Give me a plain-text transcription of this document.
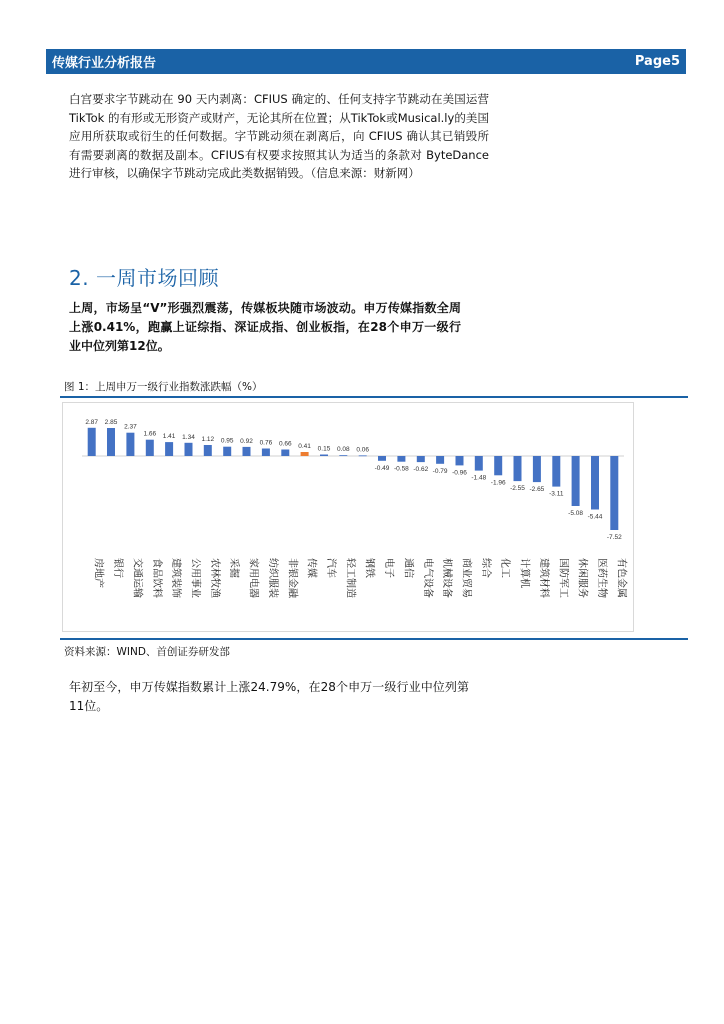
传媒行业分析报告	Page5

白宫要求字节跳动在 90 天内剥离：CFIUS 确定的、任何支持字节跳动在美国运营 TikTok 的有形或无形资产或财产，无论其所在位置；从TikTok或Musical.ly的美国应用所获取或衍生的任何数据。字节跳动须在剥离后，向 CFIUS 确认其已销毁所有需要剥离的数据及副本。CFIUS有权要求按照其认为适当的条款对 ByteDance 进行审核，以确保字节跳动完成此类数据销毁。（信息来源：财新网）

2. 一周市场回顾

上周，市场呈“V”形强烈震荡，传媒板块随市场波动。申万传媒指数全周上涨0.41%，跑赢上证综指、深证成指、创业板指，在28个申万一级行业中位列第12位。

图 1：上周申万一级行业指数涨跌幅（%）
2.87
房地产
2.85
银行
2.37
交通运输
1.66
食品饮料
1.41
建筑装饰
1.34
公用事业
1.12
农林牧渔
0.95
采掘
0.92
家用电器
0.76
纺织服装
0.66
非银金融
0.41
传媒
0.15
汽车
0.08
轻工制造
0.06
钢铁
-0.49
电子
-0.58
通信
-0.62
电气设备
-0.79
机械设备
-0.96
商业贸易
-1.48
综合
-1.96
化工
-2.55
计算机
-2.65
建筑材料
-3.11
国防军工
-5.08
休闲服务
-5.44
医药生物
-7.52
有色金属
资料来源：WIND、首创证券研发部

年初至今，申万传媒指数累计上涨24.79%，在28个申万一级行业中位列第11位。
